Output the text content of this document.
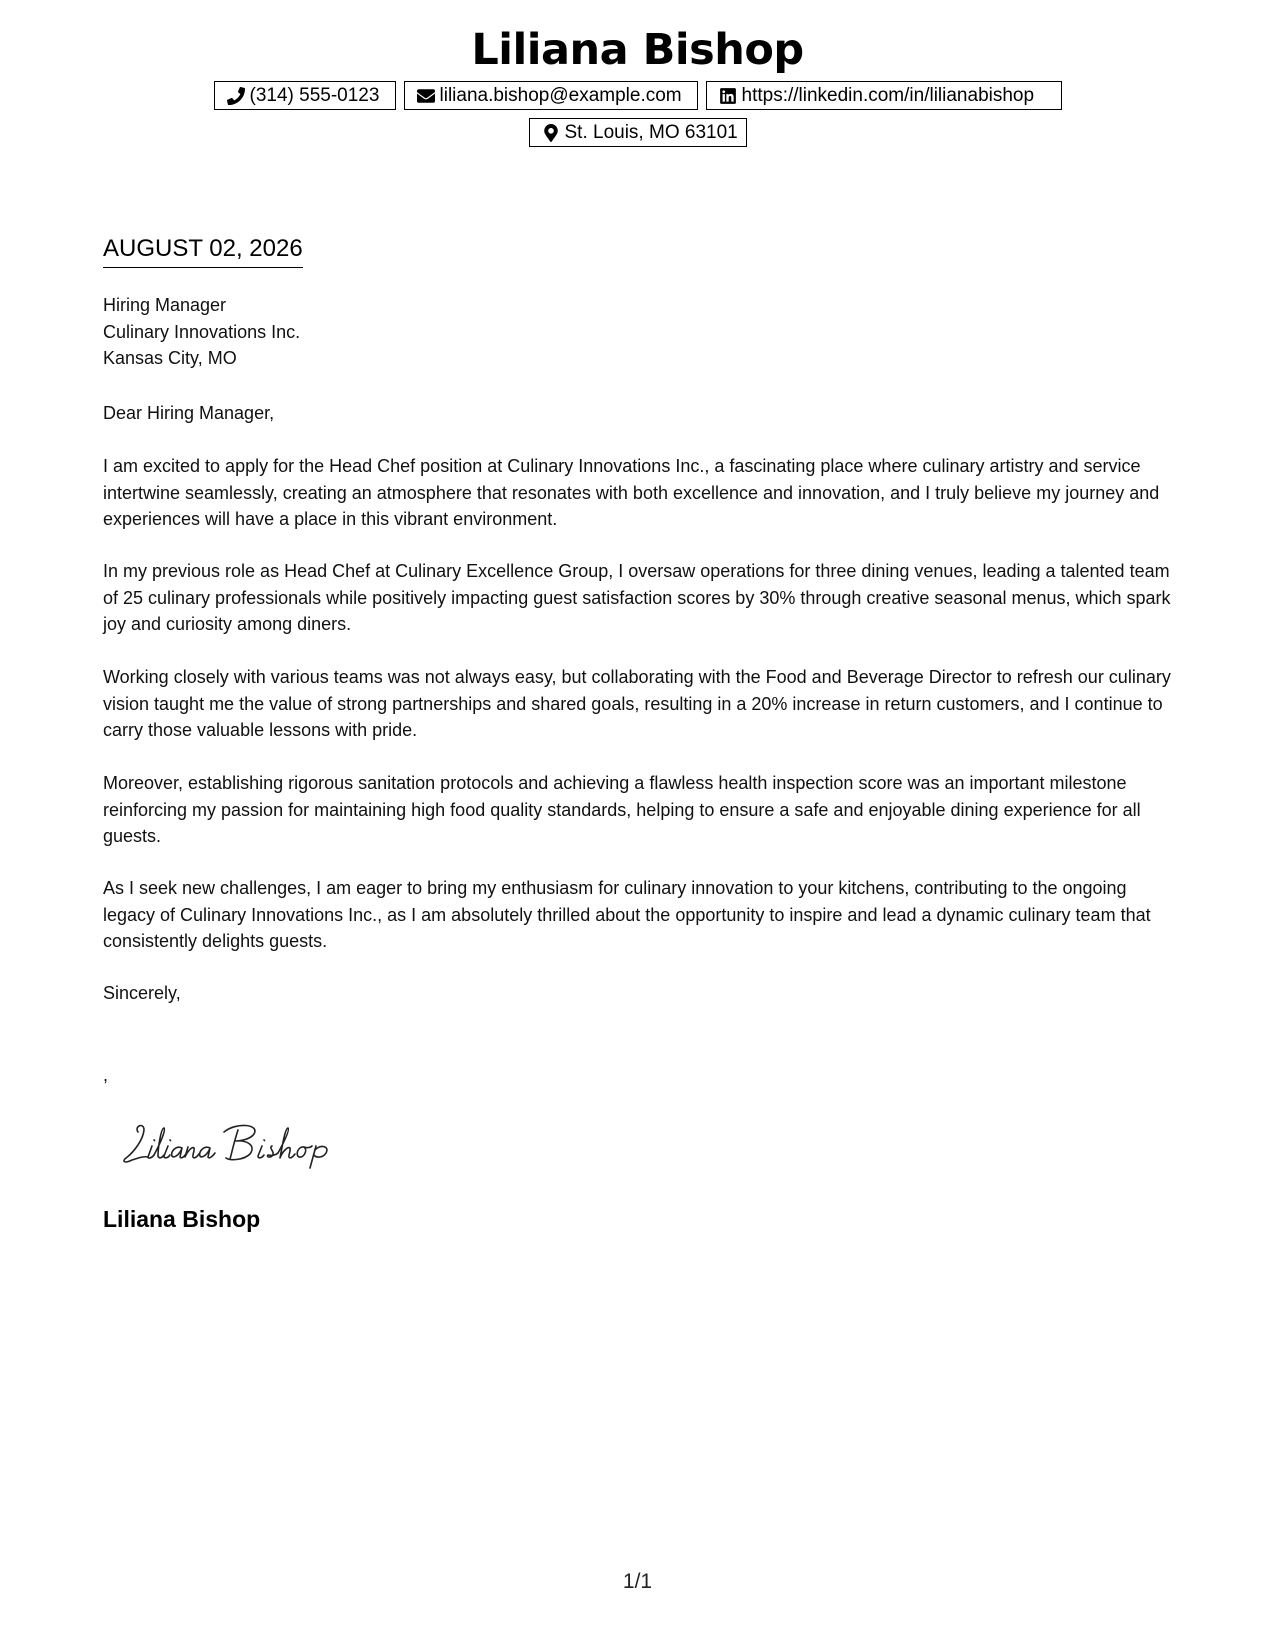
Liliana Bishop
(314) 555-0123	liliana.bishop@example.com	https://linkedin.com/in/lilianabishop
St. Louis, MO 63101
AUGUST 02, 2026
Hiring Manager
Culinary Innovations Inc.
Kansas City, MO
Dear Hiring Manager,

I am excited to apply for the Head Chef position at Culinary Innovations Inc., a fascinating place where culinary artistry and service intertwine seamlessly, creating an atmosphere that resonates with both excellence and innovation, and I truly believe my journey and experiences will have a place in this vibrant environment.

In my previous role as Head Chef at Culinary Excellence Group, I oversaw operations for three dining venues, leading a talented team of 25 culinary professionals while positively impacting guest satisfaction scores by 30% through creative seasonal menus, which spark joy and curiosity among diners.

Working closely with various teams was not always easy, but collaborating with the Food and Beverage Director to refresh our culinary vision taught me the value of strong partnerships and shared goals, resulting in a 20% increase in return customers, and I continue to carry those valuable lessons with pride.

Moreover, establishing rigorous sanitation protocols and achieving a flawless health inspection score was an important milestone reinforcing my passion for maintaining high food quality standards, helping to ensure a safe and enjoyable dining experience for all guests.

As I seek new challenges, I am eager to bring my enthusiasm for culinary innovation to your kitchens, contributing to the ongoing legacy of Culinary Innovations Inc., as I am absolutely thrilled about the opportunity to inspire and lead a dynamic culinary team that consistently delights guests.

Sincerely,
,
Liliana Bishop
1/1
